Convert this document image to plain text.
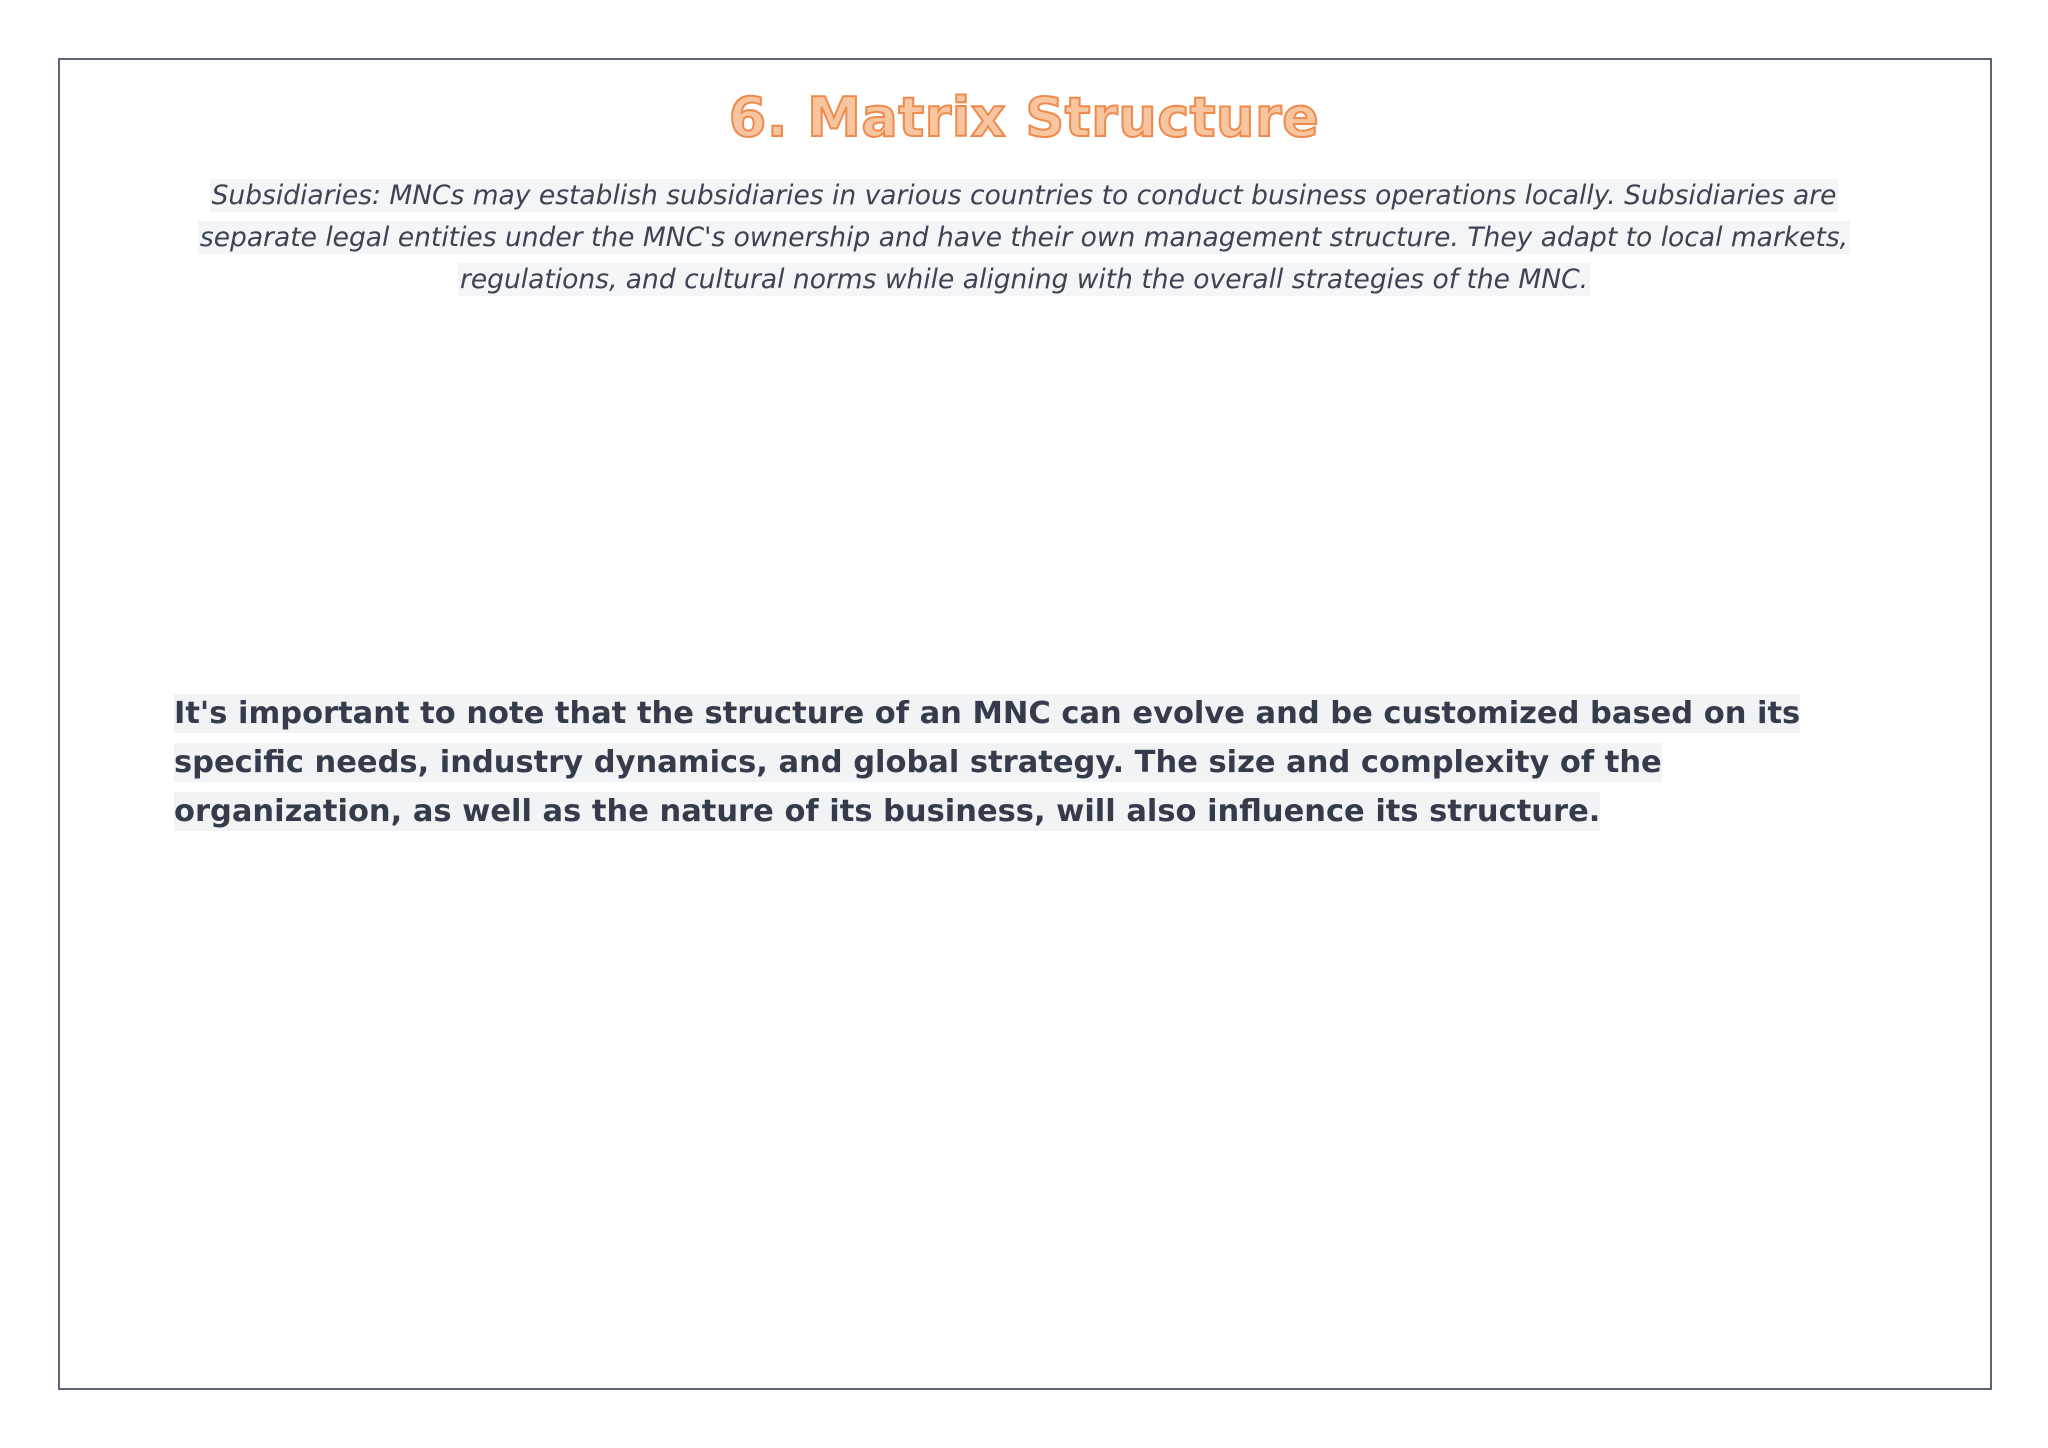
6. Matrix Structure
Subsidiaries: MNCs may establish subsidiaries in various countries to conduct business operations locally. Subsidiaries are separate legal entities under the MNC's ownership and have their own management structure. They adapt to local markets, regulations, and cultural norms while aligning with the overall strategies of the MNC.
It's important to note that the structure of an MNC can evolve and be customized based on its specific needs, industry dynamics, and global strategy. The size and complexity of the organization, as well as the nature of its business, will also influence its structure.
